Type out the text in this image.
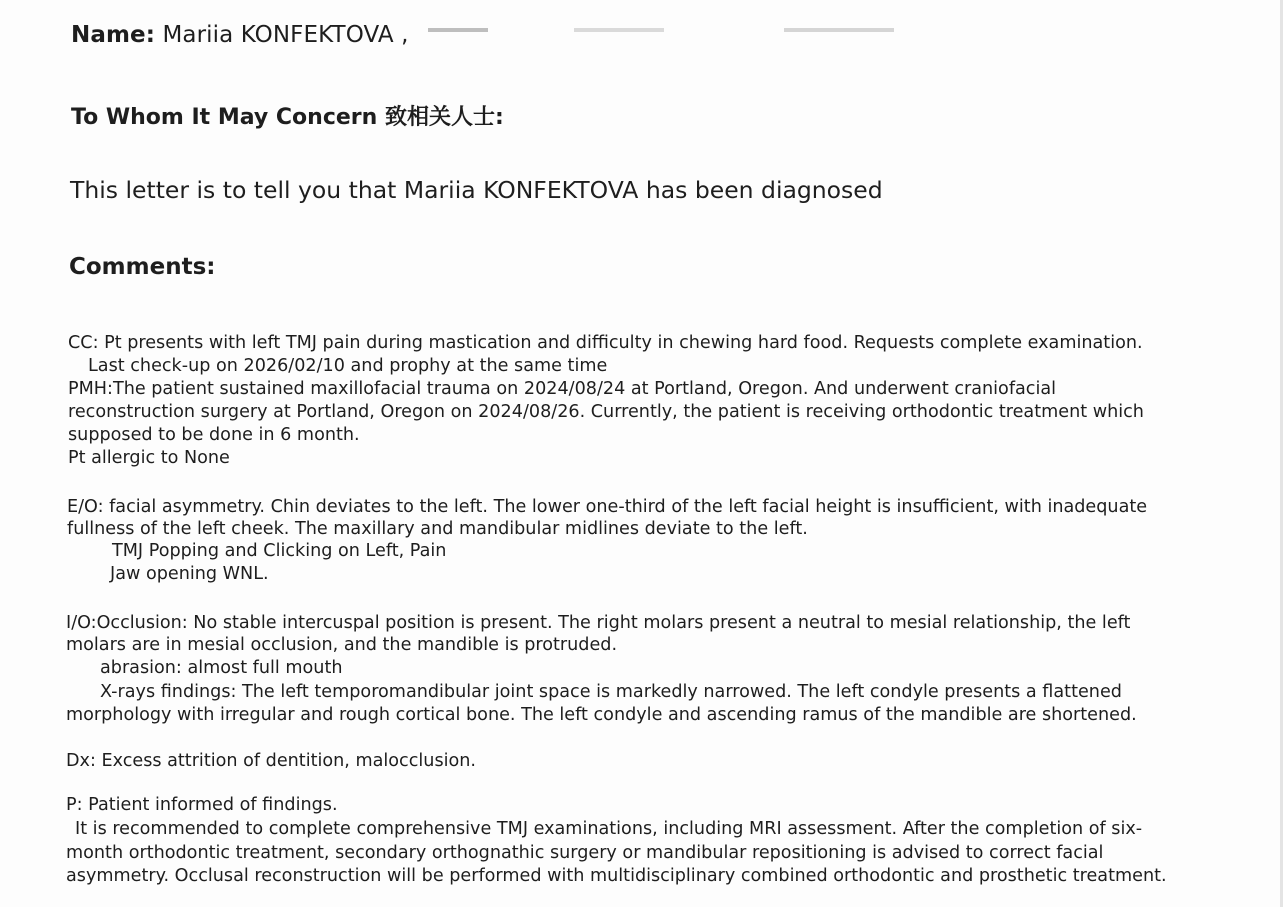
Name: Mariia KONFEKTOVA ,
To Whom It May Concern 致相关人士:
This letter is to tell you that Mariia KONFEKTOVA has been diagnosed
Comments:
CC: Pt presents with left TMJ pain during mastication and difficulty in chewing hard food. Requests complete examination.
Last check-up on 2026/02/10 and prophy at the same time
PMH:The patient sustained maxillofacial trauma on 2024/08/24 at Portland, Oregon. And underwent craniofacial
reconstruction surgery at Portland, Oregon on 2024/08/26. Currently, the patient is receiving orthodontic treatment which
supposed to be done in 6 month.
Pt allergic to None
E/O: facial asymmetry. Chin deviates to the left. The lower one-third of the left facial height is insufficient, with inadequate
fullness of the left cheek. The maxillary and mandibular midlines deviate to the left.
TMJ Popping and Clicking on Left, Pain
Jaw opening WNL.
I/O:Occlusion: No stable intercuspal position is present. The right molars present a neutral to mesial relationship, the left
molars are in mesial occlusion, and the mandible is protruded.
abrasion: almost full mouth
X-rays findings: The left temporomandibular joint space is markedly narrowed. The left condyle presents a flattened
morphology with irregular and rough cortical bone. The left condyle and ascending ramus of the mandible are shortened.
Dx: Excess attrition of dentition, malocclusion.
P: Patient informed of findings.
It is recommended to complete comprehensive TMJ examinations, including MRI assessment. After the completion of six-
month orthodontic treatment, secondary orthognathic surgery or mandibular repositioning is advised to correct facial
asymmetry. Occlusal reconstruction will be performed with multidisciplinary combined orthodontic and prosthetic treatment.
